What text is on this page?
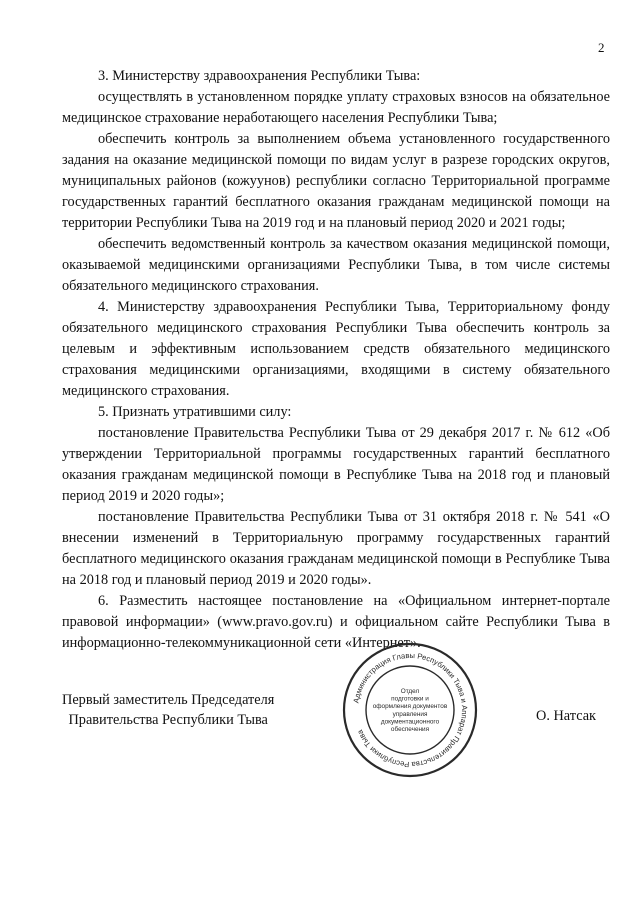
2

3. Министерству здравоохранения Республики Тыва:

осуществлять в установленном порядке уплату страховых взносов на обязательное медицинское страхование неработающего населения Республики Тыва;

обеспечить контроль за выполнением объема установленного государственного задания на оказание медицинской помощи по видам услуг в разрезе городских округов, муниципальных районов (кожуунов) республики согласно Территориальной программе государственных гарантий бесплатного оказания гражданам медицинской помощи на территории Республики Тыва на 2019 год и на плановый период 2020 и 2021 годы;

обеспечить ведомственный контроль за качеством оказания медицинской помощи, оказываемой медицинскими организациями Республики Тыва, в том числе системы обязательного медицинского страхования.

4. Министерству здравоохранения Республики Тыва, Территориальному фонду обязательного медицинского страхования Республики Тыва обеспечить контроль за целевым и эффективным использованием средств обязательного медицинского страхования медицинскими организациями, входящими в систему обязательного медицинского страхования.

5. Признать утратившими силу:

постановление Правительства Республики Тыва от 29 декабря 2017 г. № 612 «Об утверждении Территориальной программы государственных гарантий бесплатного оказания гражданам медицинской помощи в Республике Тыва на 2018 год и плановый период 2019 и 2020 годы»;

постановление Правительства Республики Тыва от 31 октября 2018 г. № 541 «О внесении изменений в Территориальную программу государственных гарантий бесплатного медицинского оказания гражданам медицинской помощи в Республике Тыва на 2018 год и плановый период 2019 и 2020 годы».

6. Разместить настоящее постановление на «Официальном интернет-портале правовой информации» (www.pravo.gov.ru) и официальном сайте Республики Тыва в информационно-телекоммуникационной сети «Интернет».

Первый заместитель Председателя
Правительства Республики Тыва	О. Натсак
Администрация Главы Республики Тыва и Аппарат Правительства Республики Тыва
Отдел
подготовки и
оформления документов
управления
документационного
обеспечения
